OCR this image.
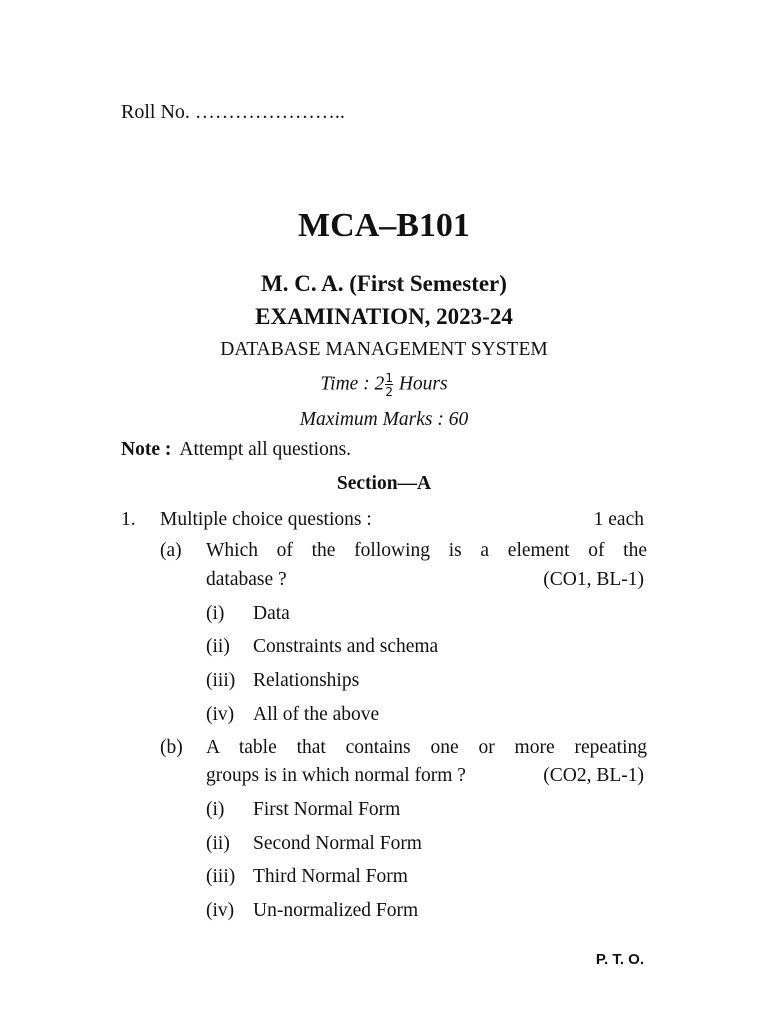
Roll No. …………………..
MCA–B101
M. C. A. (First Semester)
EXAMINATION, 2023-24
DATABASE MANAGEMENT SYSTEM
Time : $2 \frac{1}{2}$ Hours
Maximum Marks : 60
Note : Attempt all questions.
Section—A
1. Multiple choice questions :	1 each
(a) Which of the following is a element of the
database ?	(CO1, BL-1)
(i) Data
(ii) Constraints and schema
(iii) Relationships
(iv) All of the above
(b) A table that contains one or more repeating
groups is in which normal form ?	(CO2, BL-1)
(i) First Normal Form
(ii) Second Normal Form
(iii) Third Normal Form
(iv) Un-normalized Form
P. T. O.
